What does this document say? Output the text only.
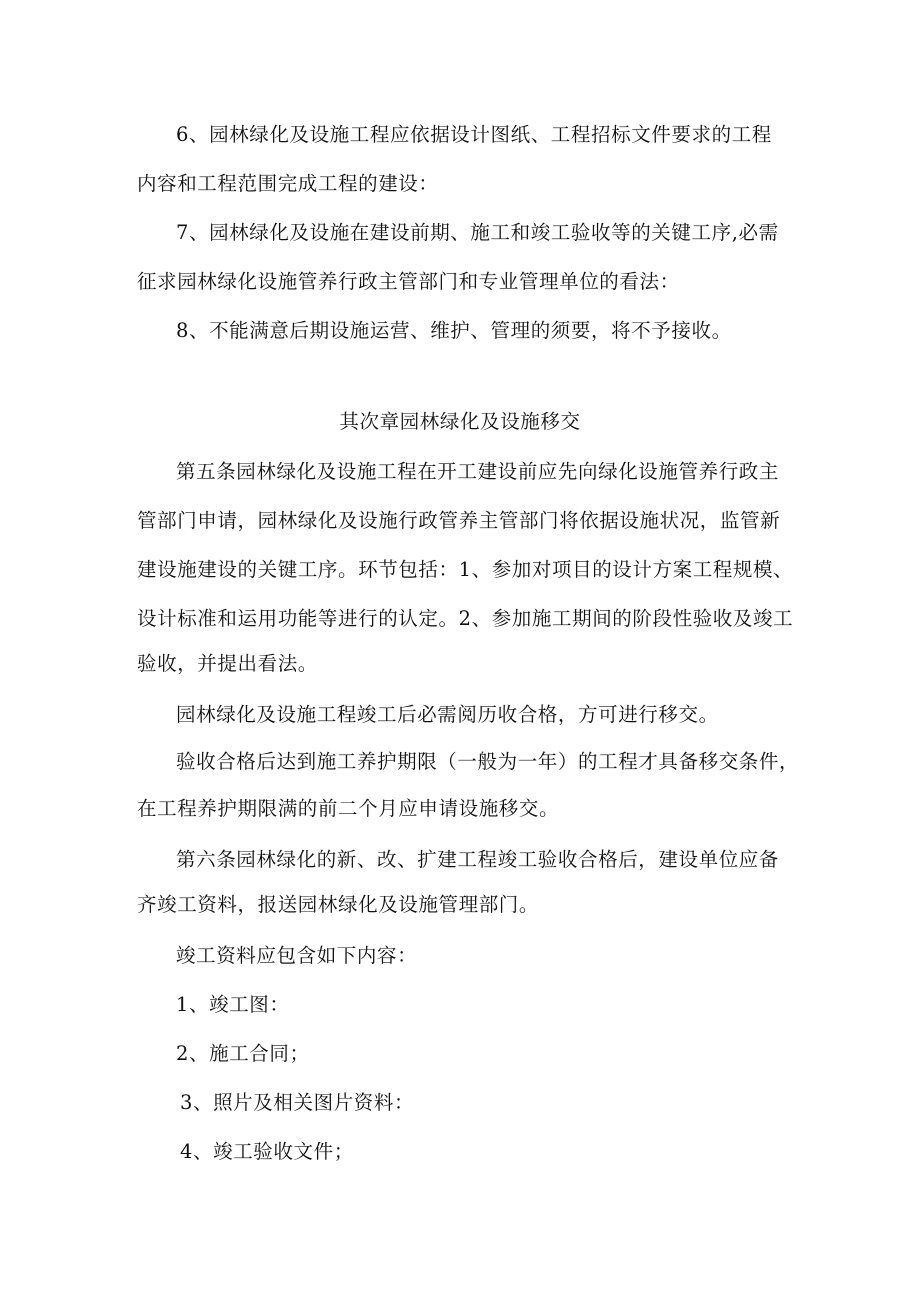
6、园林绿化及设施工程应依据设计图纸、工程招标文件要求的工程
内容和工程范围完成工程的建设：
7、园林绿化及设施在建设前期、施工和竣工验收等的关键工序,必需
征求园林绿化设施管养行政主管部门和专业管理单位的看法：
8、不能满意后期设施运营、维护、管理的须要，将不予接收。
其次章园林绿化及设施移交
第五条园林绿化及设施工程在开工建设前应先向绿化设施管养行政主
管部门申请，园林绿化及设施行政管养主管部门将依据设施状况，监管新
建设施建设的关键工序。环节包括：1、参加对项目的设计方案工程规模、
设计标准和运用功能等进行的认定。2、参加施工期间的阶段性验收及竣工
验收，并提出看法。
园林绿化及设施工程竣工后必需阅历收合格，方可进行移交。
验收合格后达到施工养护期限（一般为一年）的工程才具备移交条件，
在工程养护期限满的前二个月应申请设施移交。
第六条园林绿化的新、改、扩建工程竣工验收合格后，建设单位应备
齐竣工资料，报送园林绿化及设施管理部门。
竣工资料应包含如下内容：
1、竣工图：
2、施工合同；
3、照片及相关图片资料：
4、竣工验收文件；
